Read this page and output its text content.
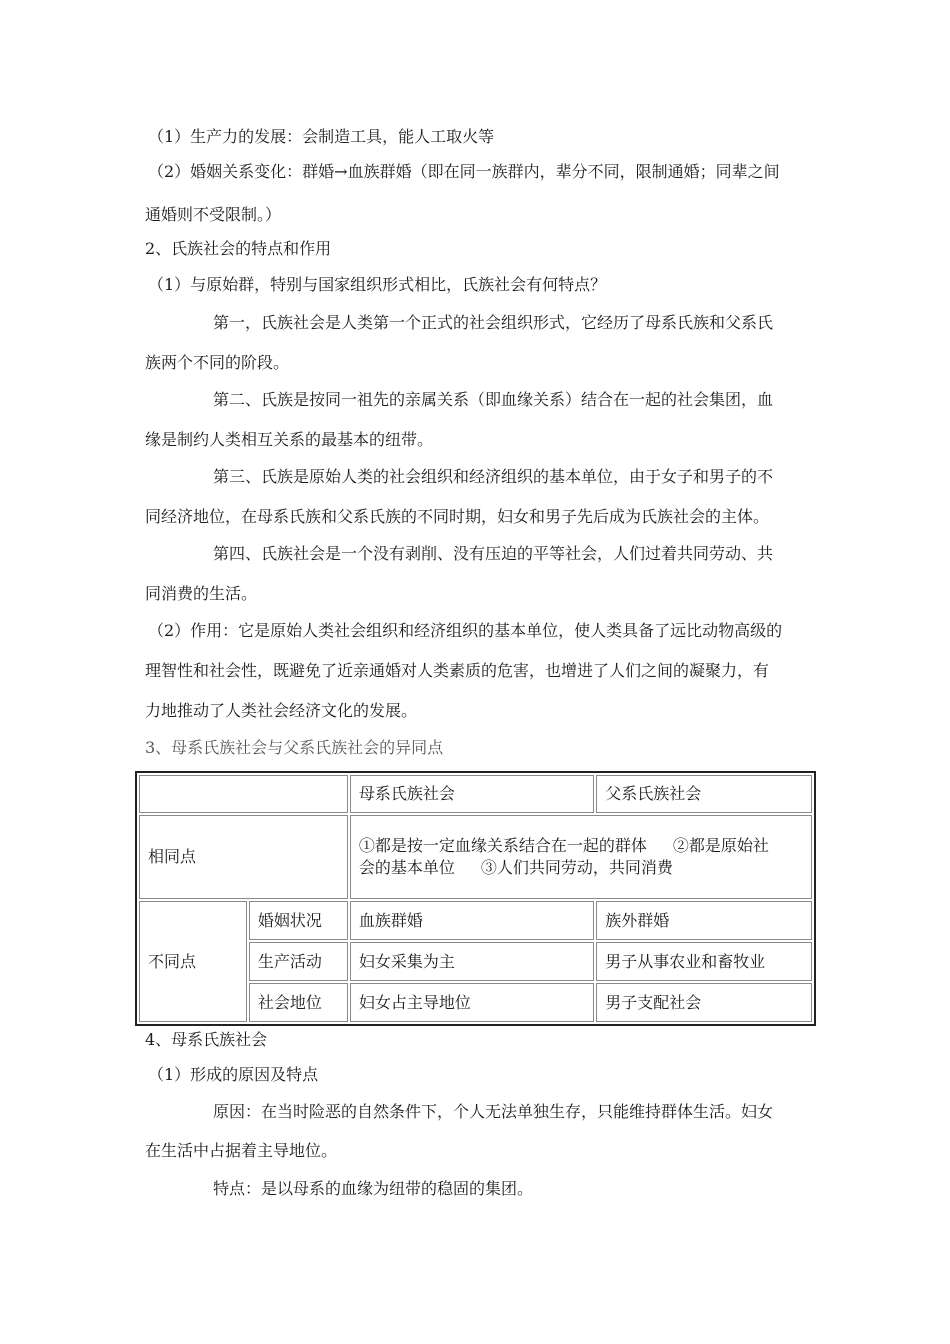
（1）生产力的发展：会制造工具，能人工取火等
（2）婚姻关系变化：群婚→血族群婚（即在同一族群内，辈分不同，限制通婚；同辈之间
通婚则不受限制。）
2、氏族社会的特点和作用
（1）与原始群，特别与国家组织形式相比，氏族社会有何特点？
第一，氏族社会是人类第一个正式的社会组织形式，它经历了母系氏族和父系氏
族两个不同的阶段。
第二、氏族是按同一祖先的亲属关系（即血缘关系）结合在一起的社会集团，血
缘是制约人类相互关系的最基本的纽带。
第三、氏族是原始人类的社会组织和经济组织的基本单位，由于女子和男子的不
同经济地位，在母系氏族和父系氏族的不同时期，妇女和男子先后成为氏族社会的主体。
第四、氏族社会是一个没有剥削、没有压迫的平等社会，人们过着共同劳动、共
同消费的生活。
（2）作用：它是原始人类社会组织和经济组织的基本单位，使人类具备了远比动物高级的
理智性和社会性，既避免了近亲通婚对人类素质的危害，也增进了人们之间的凝聚力，有
力地推动了人类社会经济文化的发展。
3、母系氏族社会与父系氏族社会的异同点
		母系氏族社会	父系氏族社会
相同点		①都是按一定血缘关系结合在一起的群体 ②都是原始社
会的基本单位 ③人们共同劳动，共同消费	
不同点	婚姻状况	血族群婚	族外群婚
	生产活动	妇女采集为主	男子从事农业和畜牧业
	社会地位	妇女占主导地位	男子支配社会
4、母系氏族社会
（1）形成的原因及特点
原因：在当时险恶的自然条件下，个人无法单独生存，只能维持群体生活。妇女
在生活中占据着主导地位。
特点：是以母系的血缘为纽带的稳固的集团。
